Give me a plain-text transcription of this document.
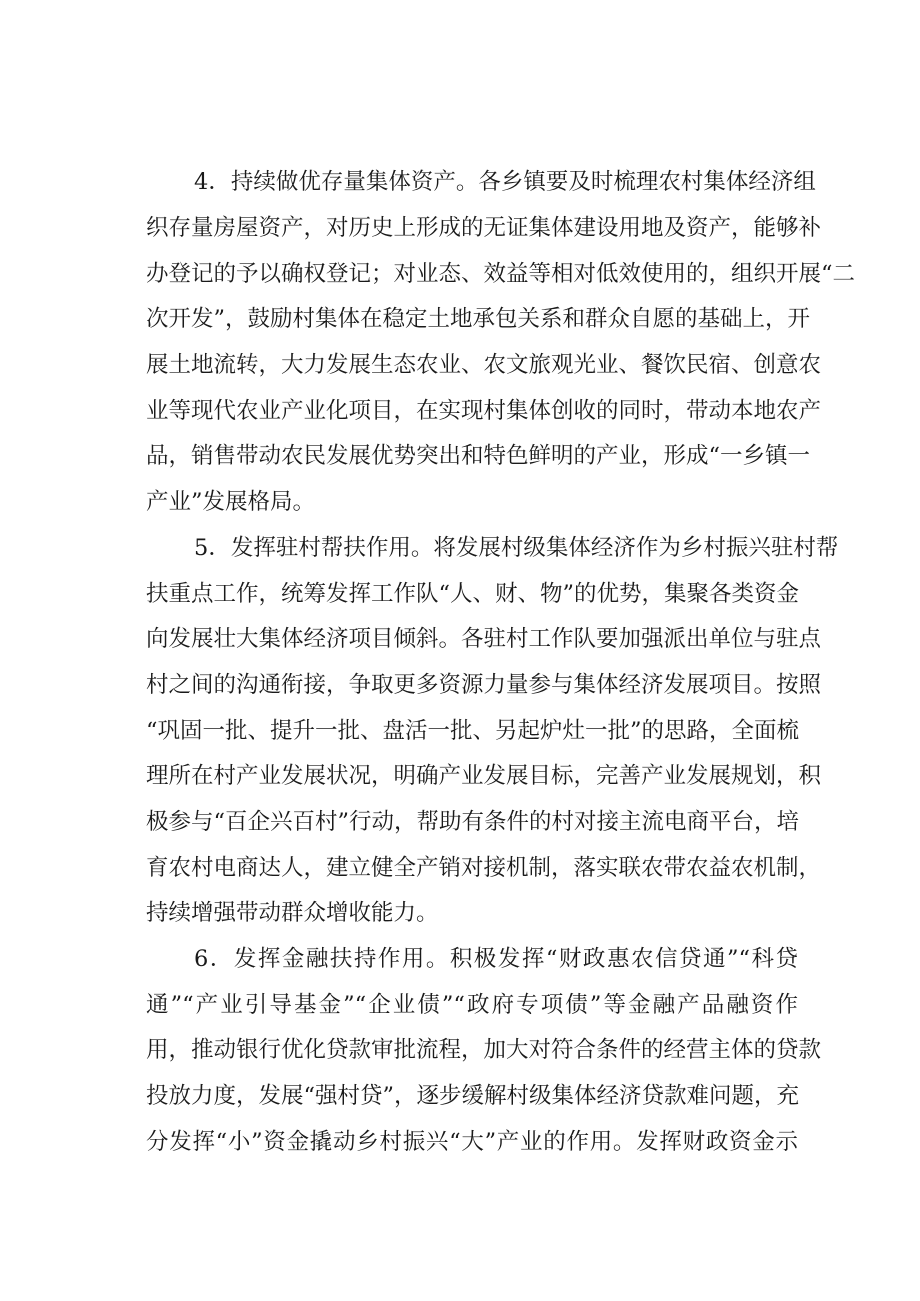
4．持续做优存量集体资产。各乡镇要及时梳理农村集体经济组
织存量房屋资产，对历史上形成的无证集体建设用地及资产，能够补
办登记的予以确权登记；对业态、效益等相对低效使用的，组织开展“二
次开发”，鼓励村集体在稳定土地承包关系和群众自愿的基础上，开
展土地流转，大力发展生态农业、农文旅观光业、餐饮民宿、创意农
业等现代农业产业化项目，在实现村集体创收的同时，带动本地农产
品，销售带动农民发展优势突出和特色鲜明的产业，形成“一乡镇一
产业”发展格局。
5．发挥驻村帮扶作用。将发展村级集体经济作为乡村振兴驻村帮
扶重点工作，统筹发挥工作队“人、财、物”的优势，集聚各类资金
向发展壮大集体经济项目倾斜。各驻村工作队要加强派出单位与驻点
村之间的沟通衔接，争取更多资源力量参与集体经济发展项目。按照
“巩固一批、提升一批、盘活一批、另起炉灶一批”的思路，全面梳
理所在村产业发展状况，明确产业发展目标，完善产业发展规划，积
极参与“百企兴百村”行动，帮助有条件的村对接主流电商平台，培
育农村电商达人，建立健全产销对接机制，落实联农带农益农机制，
持续增强带动群众增收能力。
6．发挥金融扶持作用。积极发挥“财政惠农信贷通”“科贷
通”“产业引导基金”“企业债”“政府专项债”等金融产品融资作
用，推动银行优化贷款审批流程，加大对符合条件的经营主体的贷款
投放力度，发展“强村贷”，逐步缓解村级集体经济贷款难问题，充
分发挥“小”资金撬动乡村振兴“大”产业的作用。发挥财政资金示
